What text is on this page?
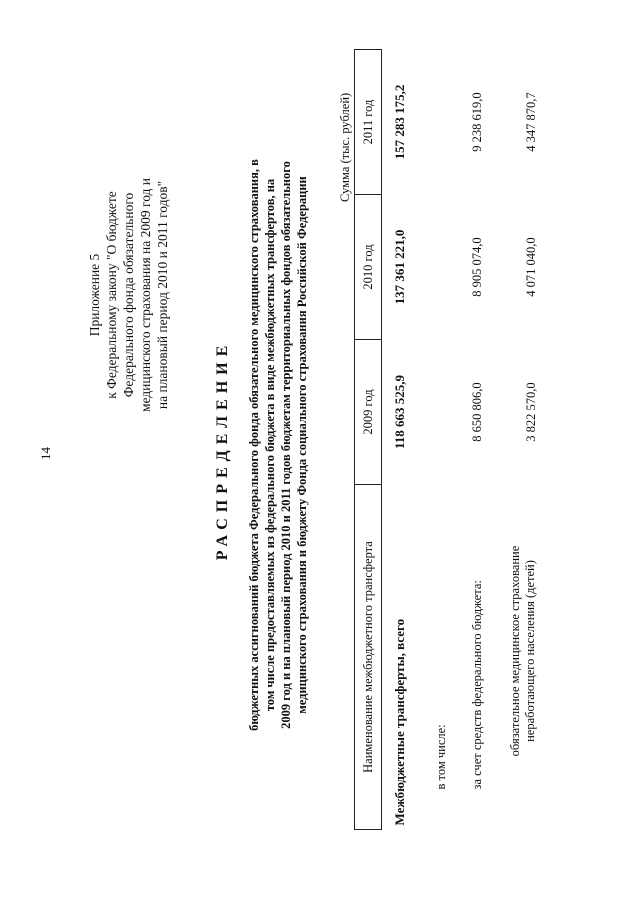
14
Приложение 5 к Федеральному закону "О бюджете Федерального фонда обязательного медицинского страхования на 2009 год и на плановый период 2010 и 2011 годов"
РАСПРЕДЕЛЕНИЕ бюджетных ассигнований бюджета Федерального фонда обязательного медицинского страхования, в том числе предоставляемых из федерального бюджета в виде межбюджетных трансфертов, на 2009 год и на плановый период 2010 и 2011 годов бюджетам территориальных фондов обязательного медицинского страхования и бюджету Фонда социального страхования Российской Федерации
Сумма (тыс. рублей)
Наименование межбюджетного трансферта	2009 год	2010 год	2011 год
Межбюджетные трансферты, всего	118 663 525,9	137 361 221,0	157 283 175,2
в том числе:			
за счет средств федерального бюджета:	8 650 806,0	8 905 074,0	9 238 619,0

обязательное медицинское страхование неработающего населения (детей)	3 822 570,0	4 071 040,0	4 347 870,7
